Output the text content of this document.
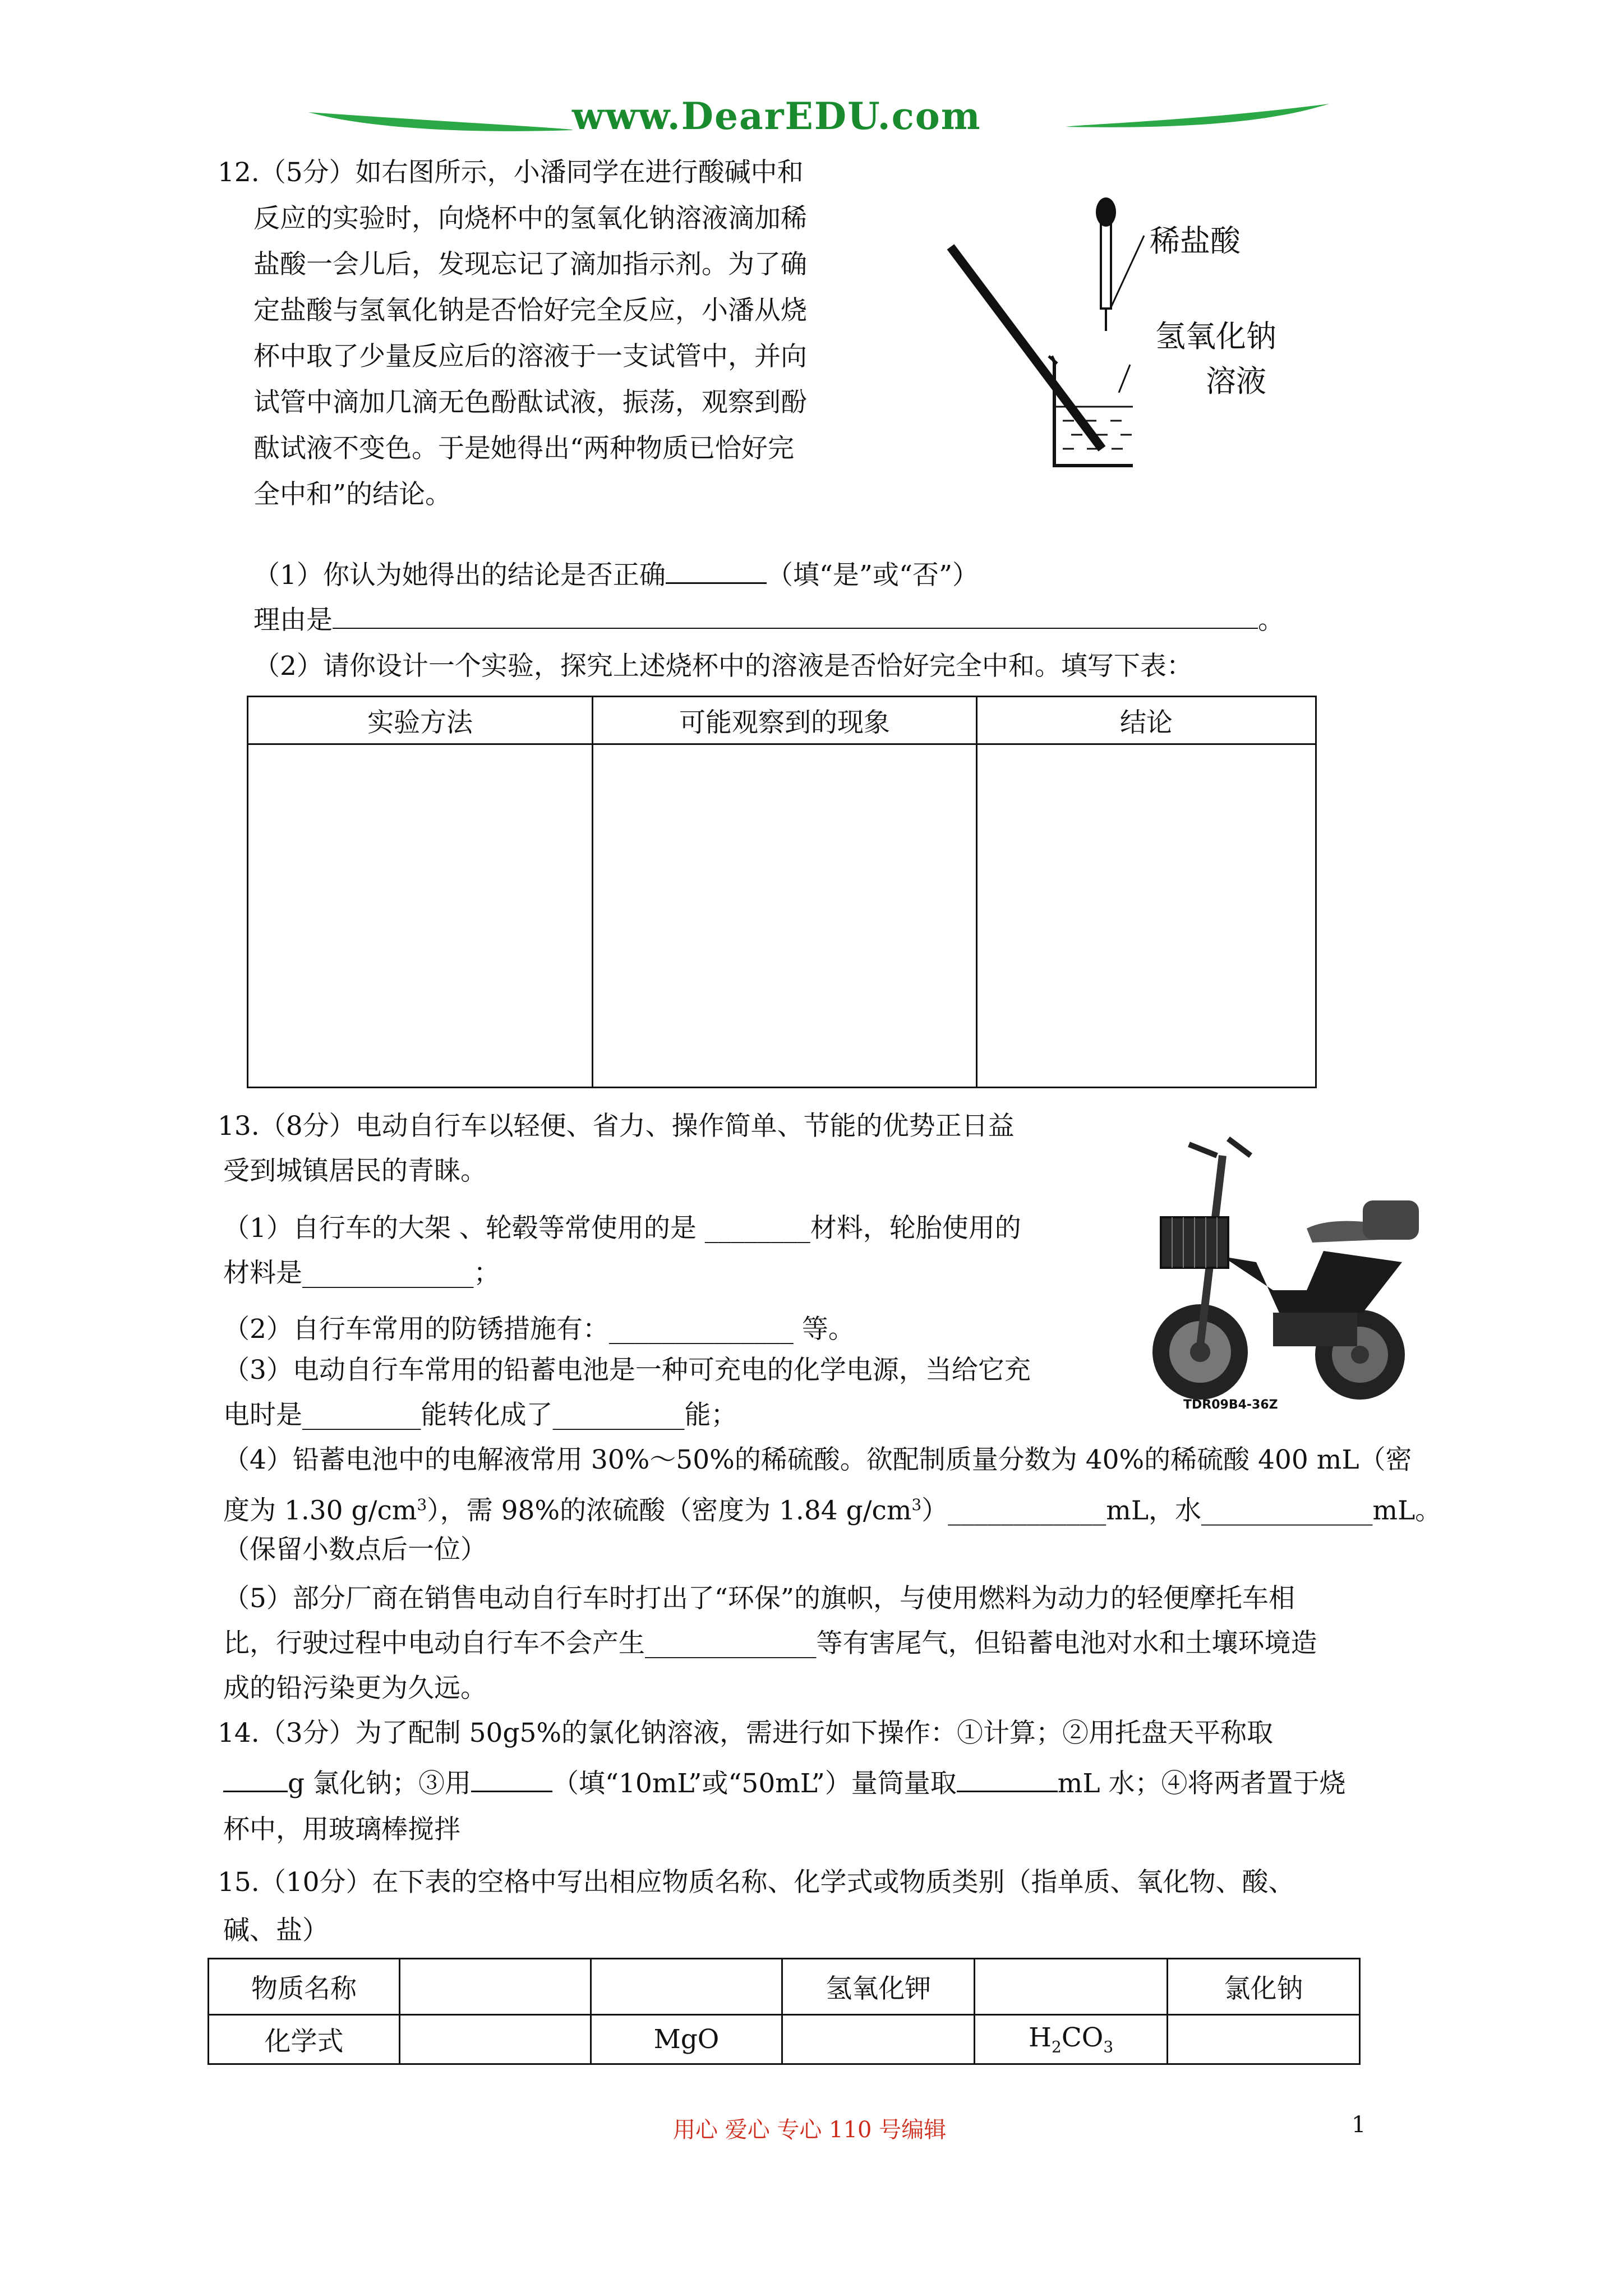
www.DearEDU.com
12.（5分）如右图所示，小潘同学在进行酸碱中和
反应的实验时，向烧杯中的氢氧化钠溶液滴加稀
盐酸一会儿后，发现忘记了滴加指示剂。为了确
定盐酸与氢氧化钠是否恰好完全反应，小潘从烧
杯中取了少量反应后的溶液于一支试管中，并向
试管中滴加几滴无色酚酞试液，振荡，观察到酚
酞试液不变色。于是她得出“两种物质已恰好完
全中和”的结论。
稀盐酸
氢氧化钠
溶液
（1）你认为她得出的结论是否正确	（填“是”或“否”）
理由是	。
（2）请你设计一个实验，探究上述烧杯中的溶液是否恰好完全中和。填写下表：
实验方法	可能观察到的现象	结论

13.（8分）电动自行车以轻便、省力、操作简单、节能的优势正日益
受到城镇居民的青睐。
（1）自行车的大架 、轮毂等常使用的是 ________材料，轮胎使用的
材料是_____________；
（2）自行车常用的防锈措施有：______________ 等。
（3）电动自行车常用的铅蓄电池是一种可充电的化学电源，当给它充
电时是_________能转化成了__________能；	TDR09B4-36Z
（4）铅蓄电池中的电解液常用 30%～50%的稀硫酸。欲配制质量分数为 40%的稀硫酸 400 mL（密
度为 1.30 $g/cm^3$），需 98%的浓硫酸（密度为 1.84 $g/cm^3)\_\_\_\_\_\_\_\_\_\_\_\_mL$，水_____________mL。
（保留小数点后一位）
（5）部分厂商在销售电动自行车时打出了“环保”的旗帜，与使用燃料为动力的轻便摩托车相
比，行驶过程中电动自行车不会产生_____________等有害尾气，但铅蓄电池对水和土壤环境造
成的铅污染更为久远。
14.（3分）为了配制 50g5%的氯化钠溶液，需进行如下操作：①计算；②用托盘天平称取
g 氯化钠；③用	（填“10mL”或“50mL”）量筒量取	mL 水；④将两者置于烧
杯中，用玻璃棒搅拌
15.（10分）在下表的空格中写出相应物质名称、化学式或物质类别（指单质、氧化物、酸、
碱、盐）
物质名称			氢氧化钾		氯化钠
化学式		MgO		$H_2CO_3$	
用心 爱心 专心 110 号编辑	1
